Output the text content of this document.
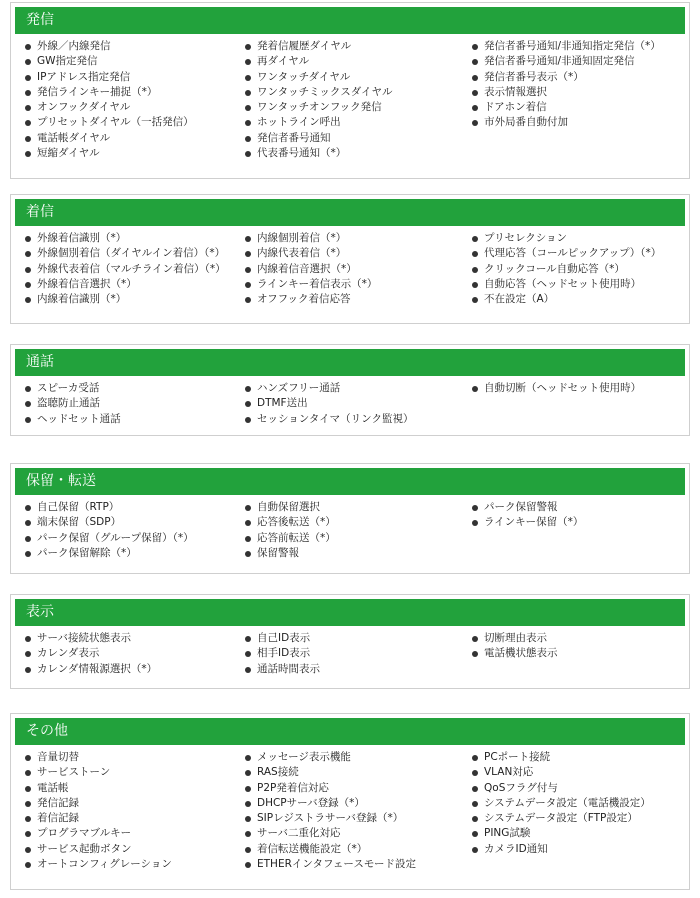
発信
外線／内線発信
GW指定発信
IPアドレス指定発信
発信ラインキー捕捉（*）
オンフックダイヤル
プリセットダイヤル（一括発信）
電話帳ダイヤル
短縮ダイヤル
発着信履歴ダイヤル
再ダイヤル
ワンタッチダイヤル
ワンタッチミックスダイヤル
ワンタッチオンフック発信
ホットライン呼出
発信者番号通知
代表番号通知（*）
発信者番号通知/非通知指定発信（*）
発信者番号通知/非通知固定発信
発信者番号表示（*）
表示情報選択
ドアホン着信
市外局番自動付加
着信
外線着信識別（*）
外線個別着信（ダイヤルイン着信）（*）
外線代表着信（マルチライン着信）（*）
外線着信音選択（*）
内線着信識別（*）
内線個別着信（*）
内線代表着信（*）
内線着信音選択（*）
ラインキー着信表示（*）
オフフック着信応答
プリセレクション
代理応答（コールピックアップ）（*）
クリックコール自動応答（*）
自動応答（ヘッドセット使用時）
不在設定（A）
通話
スピーカ受話
盗聴防止通話
ヘッドセット通話
ハンズフリー通話
DTMF送出
セッションタイマ（リンク監視）
自動切断（ヘッドセット使用時）
保留・転送
自己保留（RTP）
端末保留（SDP）
パーク保留（グループ保留）（*）
パーク保留解除（*）
自動保留選択
応答後転送（*）
応答前転送（*）
保留警報
パーク保留警報
ラインキー保留（*）
表示
サーバ接続状態表示
カレンダ表示
カレンダ情報源選択（*）
自己ID表示
相手ID表示
通話時間表示
切断理由表示
電話機状態表示
その他
音量切替
サービストーン
電話帳
発信記録
着信記録
プログラマブルキー
サービス起動ボタン
オートコンフィグレーション
メッセージ表示機能
RAS接続
P2P発着信対応
DHCPサーバ登録（*）
SIPレジストラサーバ登録（*）
サーバ二重化対応
着信転送機能設定（*）
ETHERインタフェースモード設定
PCポート接続
VLAN対応
QoSフラグ付与
システムデータ設定（電話機設定）
システムデータ設定（FTP設定）
PING試験
カメラID通知
